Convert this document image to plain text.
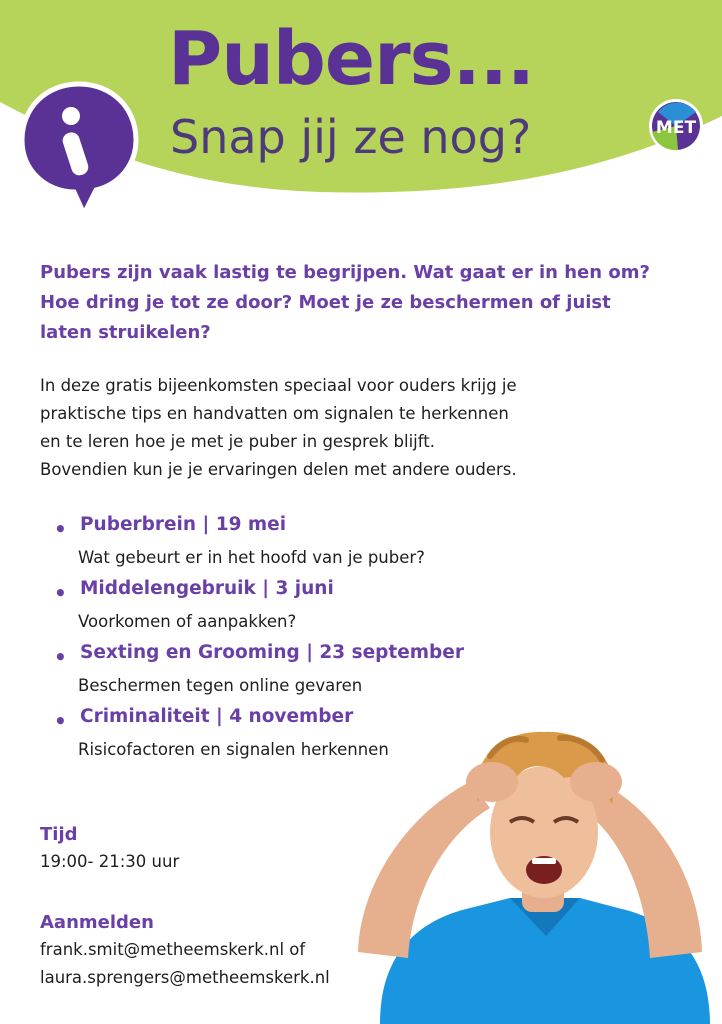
Pubers...
Snap jij ze nog?	MET

Pubers zijn vaak lastig te begrijpen. Wat gaat er in hen om? Hoe dring je tot ze door? Moet je ze beschermen of juist laten struikelen?

In deze gratis bijeenkomsten speciaal voor ouders krijg je
praktische tips en handvatten om signalen te herkennen
en te leren hoe je met je puber in gesprek blijft.
Bovendien kun je je ervaringen delen met andere ouders.
• Puberbrein | 19 mei
Wat gebeurt er in het hoofd van je puber?
• Middelengebruik | 3 juni
Voorkomen of aanpakken?
• Sexting en Grooming | 23 september
Beschermen tegen online gevaren
• Criminaliteit | 4 november
Risicofactoren en signalen herkennen
Tijd
19:00- 21:30 uur
Aanmelden
frank.smit@metheemskerk.nl of
laura.sprengers@metheemskerk.nl
